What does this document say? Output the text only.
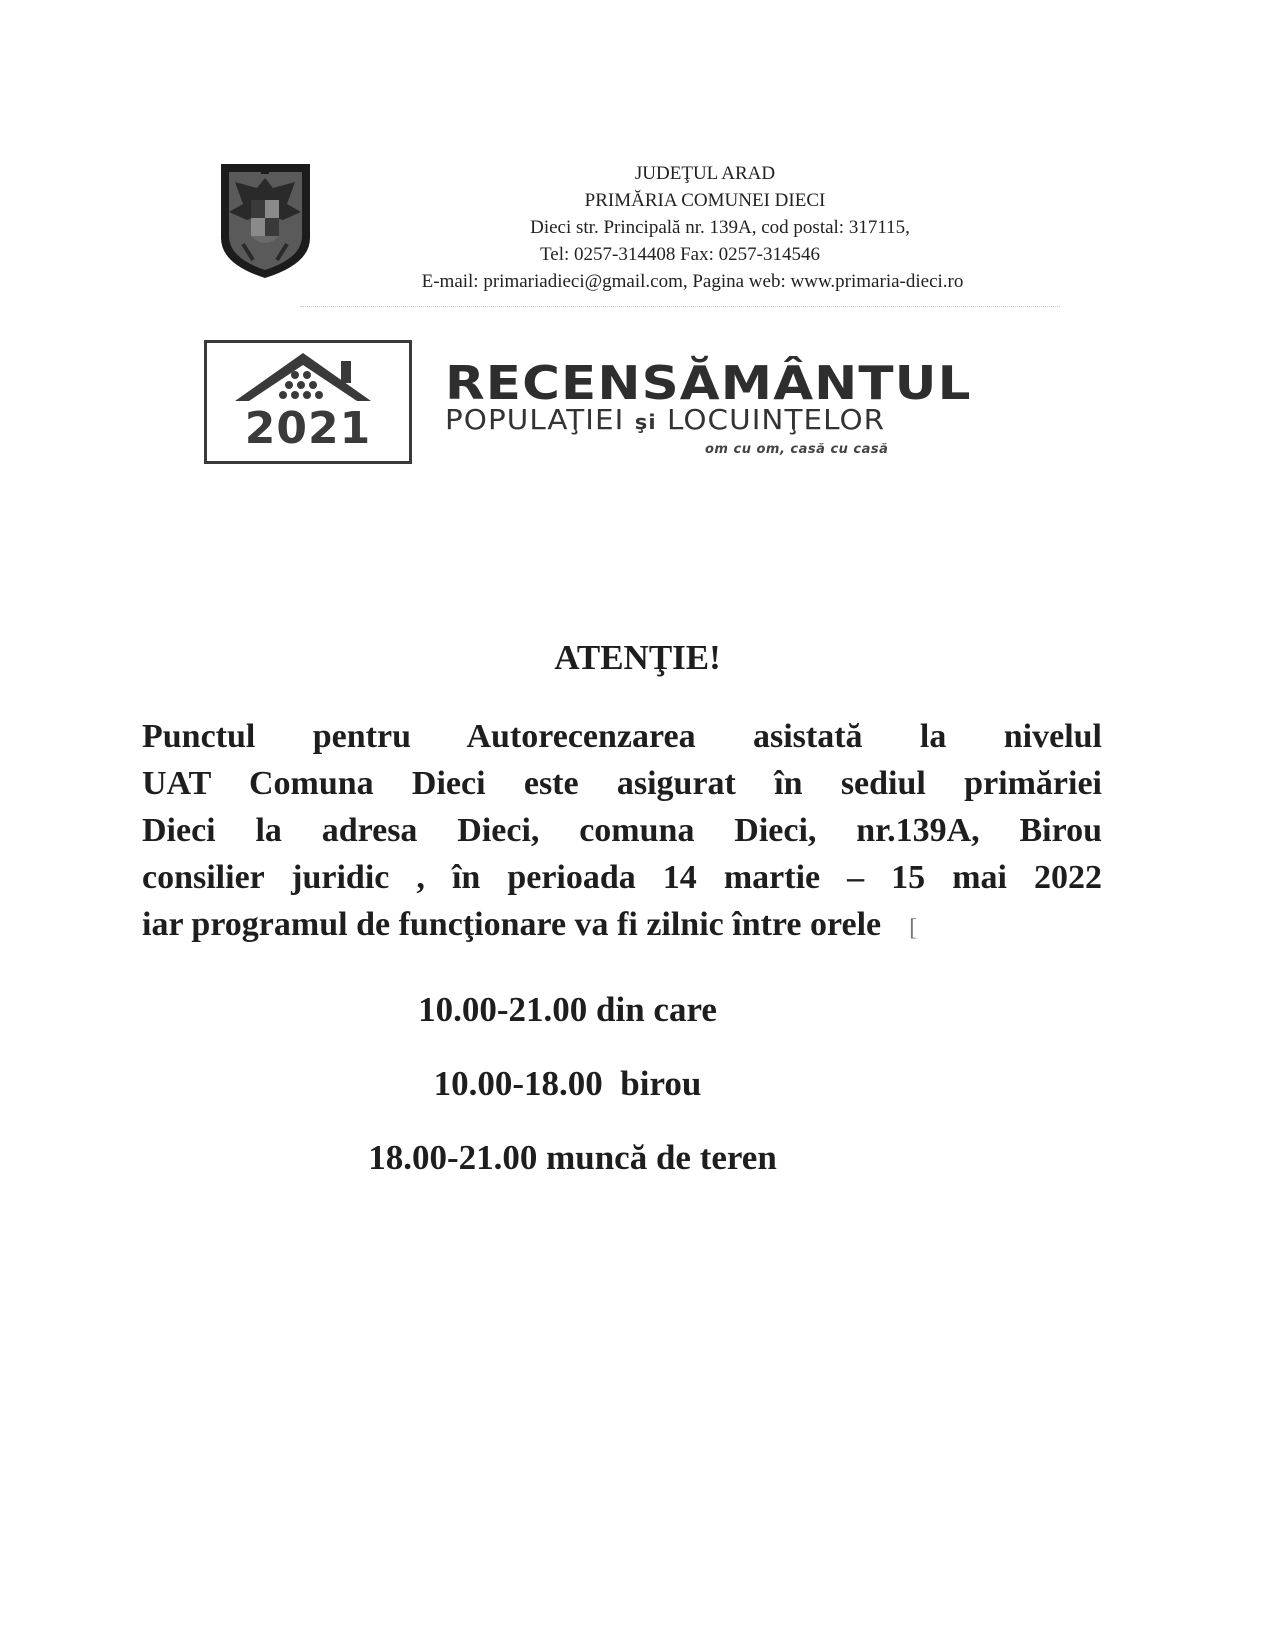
JUDEŢUL ARAD
PRIMĂRIA COMUNEI DIECI
Dieci str. Principală nr. 139A, cod postal: 317115,
Tel: 0257-314408 Fax: 0257-314546
E-mail: primariadieci@gmail.com, Pagina web: www.primaria-dieci.ro
2021
RECENSĂMÂNTUL
POPULAŢIEI şi LOCUINŢELOR
om cu om, casă cu casă
ATENŢIE!
Punctul pentru Autorecenzarea asistată la nivelul
UAT Comuna Dieci este asigurat în sediul primăriei
Dieci la adresa Dieci, comuna Dieci, nr.139A, Birou
consilier juridic , în perioada 14 martie – 15 mai 2022
iar programul de funcţionare va fi zilnic între orele [
10.00-21.00 din care
10.00-18.00  birou
18.00-21.00 muncă de teren
